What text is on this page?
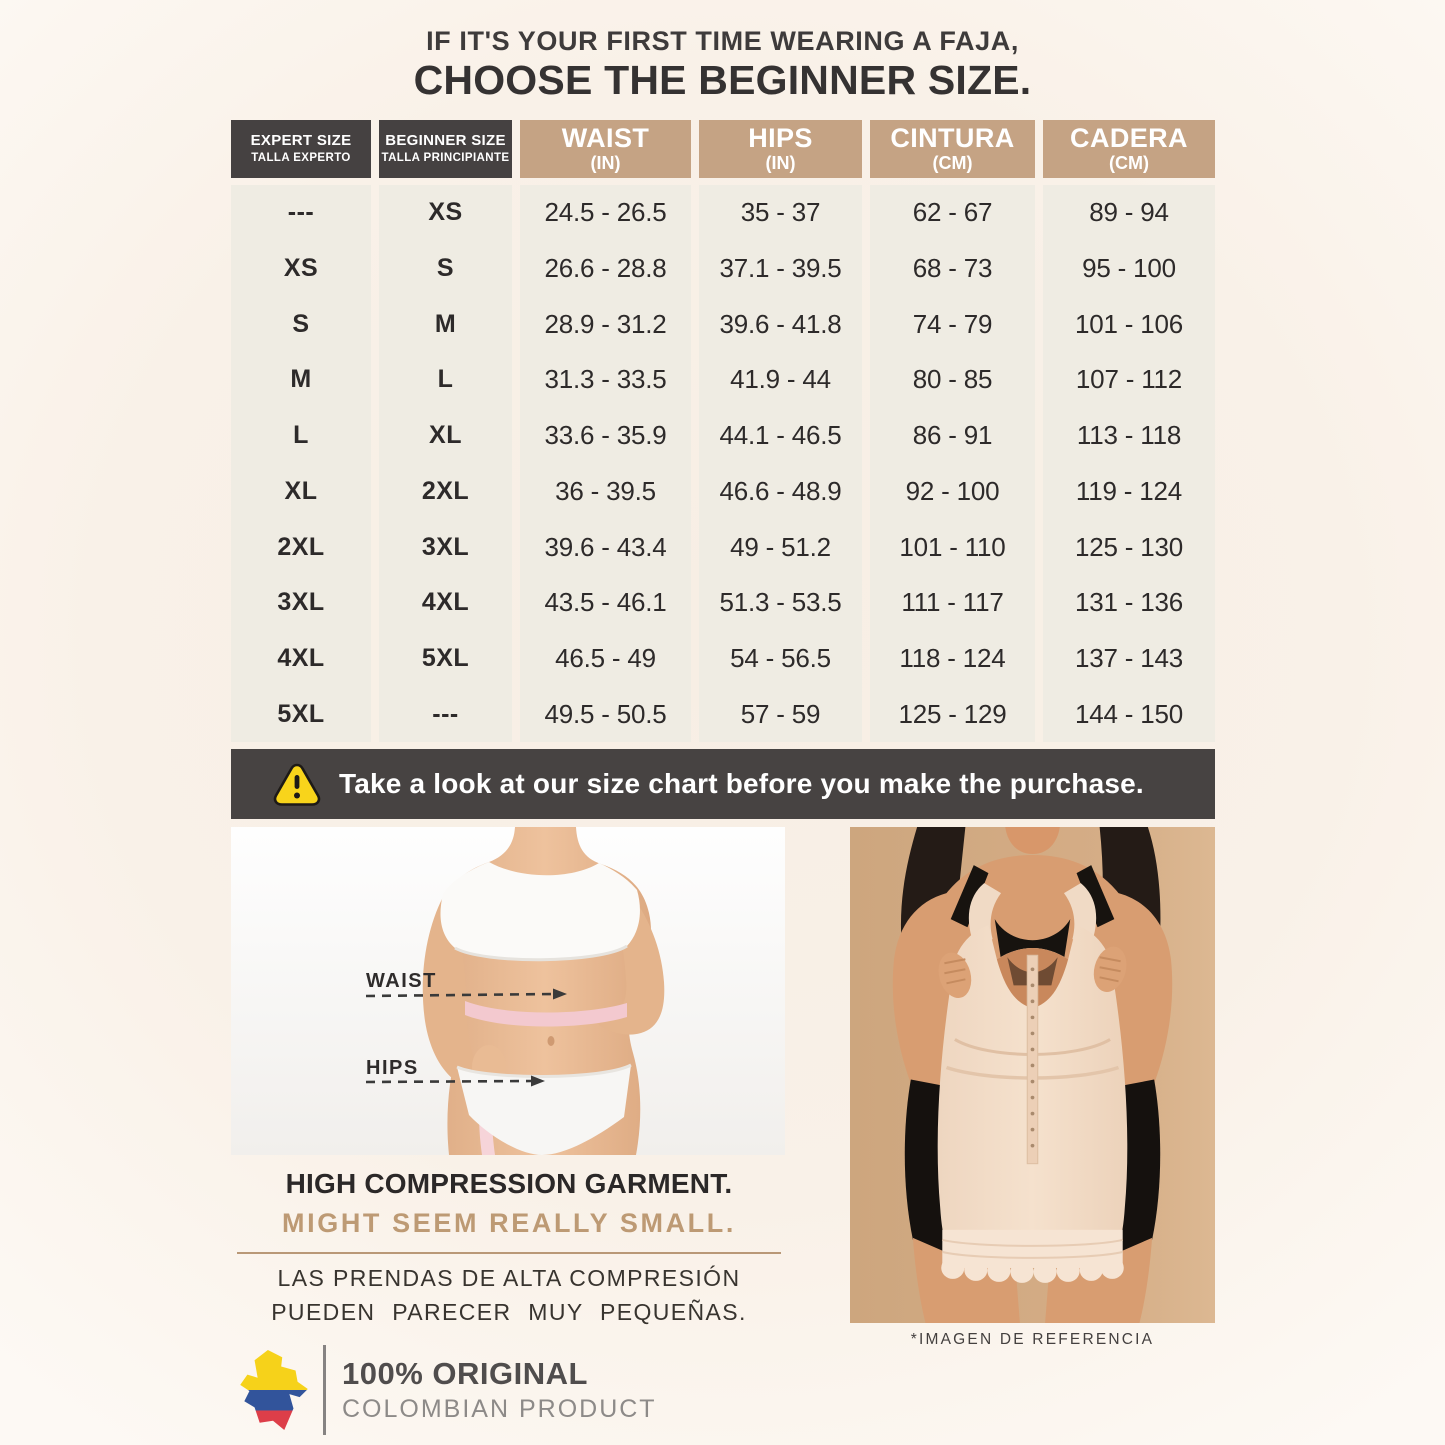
IF IT'S YOUR FIRST TIME WEARING A FAJA,
CHOOSE THE BEGINNER SIZE.
EXPERT SIZE
TALLA EXPERTO
---
XS
S
M
L
XL
2XL
3XL
4XL
5XL
BEGINNER SIZE
TALLA PRINCIPIANTE
XS
S
M
L
XL
2XL
3XL
4XL
5XL
---
WAIST
(IN)
24.5 - 26.5
26.6 - 28.8
28.9 - 31.2
31.3 - 33.5
33.6 - 35.9
36 - 39.5
39.6 - 43.4
43.5 - 46.1
46.5 - 49
49.5 - 50.5
HIPS
(IN)
35 - 37
37.1 - 39.5
39.6 - 41.8
41.9 - 44
44.1 - 46.5
46.6 - 48.9
49 - 51.2
51.3 - 53.5
54 - 56.5
57 - 59
CINTURA
(CM)
62 - 67
68 - 73
74 - 79
80 - 85
86 - 91
92 - 100
101 - 110
111 - 117
118 - 124
125 - 129
CADERA
(CM)
89 - 94
95 - 100
101 - 106
107 - 112
113 - 118
119 - 124
125 - 130
131 - 136
137 - 143
144 - 150
Take a look at our size chart before you make the purchase.
WAIST
HIPS
*IMAGEN DE REFERENCIA
HIGH COMPRESSION GARMENT.
MIGHT SEEM REALLY SMALL.
LAS PRENDAS DE ALTA COMPRESIÓN
PUEDEN PARECER MUY PEQUEÑAS.
100% ORIGINAL
COLOMBIAN PRODUCT
